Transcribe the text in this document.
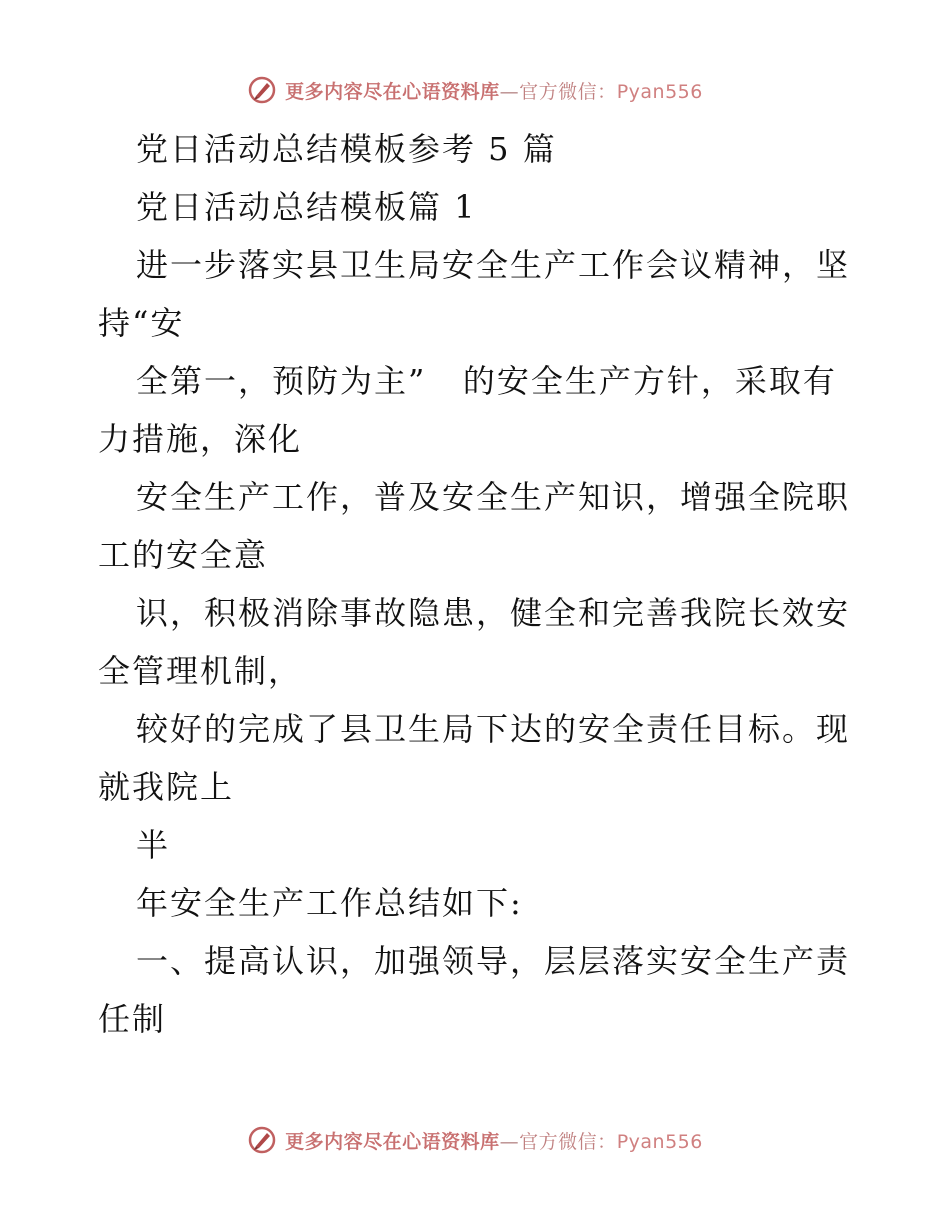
更多内容尽在心语资料库—官方微信：Pyan556
党日活动总结模板参考 5 篇
党日活动总结模板篇 1
进一步落实县卫生局安全生产工作会议精神，坚
持“安
全第一，预防为主”   的安全生产方针，采取有
力措施，深化
安全生产工作，普及安全生产知识，增强全院职
工的安全意
识，积极消除事故隐患，健全和完善我院长效安
全管理机制，
较好的完成了县卫生局下达的安全责任目标。现
就我院上
半
年安全生产工作总结如下:
一、提高认识，加强领导，层层落实安全生产责
任制
更多内容尽在心语资料库—官方微信：Pyan556
